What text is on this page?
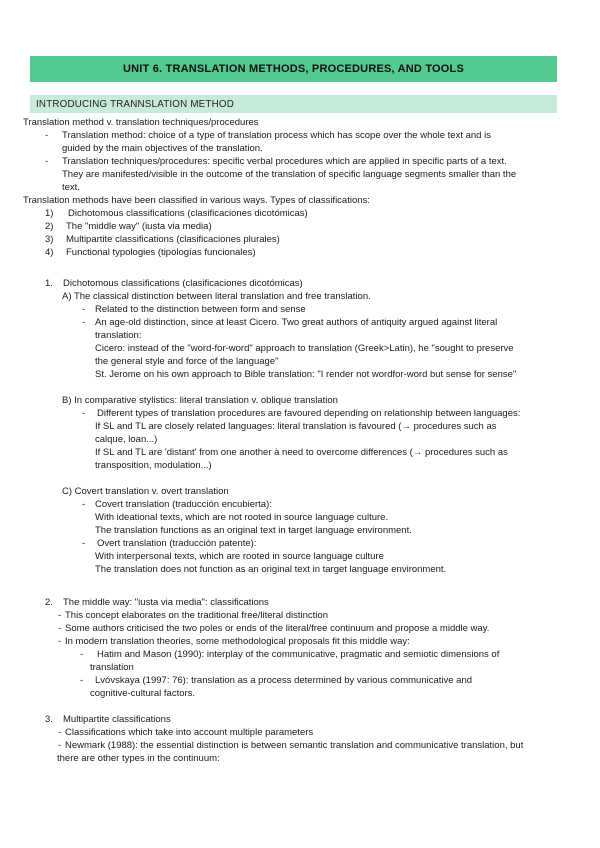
UNIT 6. TRANSLATION METHODS, PROCEDURES, AND TOOLS
INTRODUCING TRANNSLATION METHOD
Translation method v. translation techniques/procedures
- Translation method: choice of a type of translation process which has scope over the whole text and is
guided by the main objectives of the translation.
- Translation techniques/procedures: specific verbal procedures which are applied in specific parts of a text.
They are manifested/visible in the outcome of the translation of specific language segments smaller than the
text.
Translation methods have been classified in various ways. Types of classifications:
1) Dichotomous classifications (clasificaciones dicotómicas)
2) The "middle way" (iusta via media)
3) Multipartite classifications (clasificaciones plurales)
4) Functional typologies (tipologías funcionales)
1. Dichotomous classifications (clasificaciones dicotómicas)
A) The classical distinction between literal translation and free translation.
- Related to the distinction between form and sense
- An age-old distinction, since at least Cicero. Two great authors of antiquity argued against literal
translation:
Cicero: instead of the "word-for-word" approach to translation (Greek>Latin), he "sought to preserve
the general style and force of the language"
St. Jerome on his own approach to Bible translation: "I render not wordfor-word but sense for sense"
B) In comparative stylistics: literal translation v. oblique translation
- Different types of translation procedures are favoured depending on relationship between languages:
If SL and TL are closely related languages: literal translation is favoured (→ procedures such as
calque, loan...)
If SL and TL are 'distant' from one another à need to overcome differences (→ procedures such as
transposition, modulation...)
C) Covert translation v. overt translation
- Covert translation (traducción encubierta):
With ideational texts, which are not rooted in source language culture.
The translation functions as an original text in target language environment.
- Overt translation (traducción patente):
With interpersonal texts, which are rooted in source language culture
The translation does not function as an original text in target language environment.
2. The middle way: "iusta via media": classifications
- This concept elaborates on the traditional free/literal distinction
- Some authors criticised the two poles or ends of the literal/free continuum and propose a middle way.
- In modern translation theories, some methodological proposals fit this middle way:
- Hatim and Mason (1990): interplay of the communicative, pragmatic and semiotic dimensions of
translation
- Lvóvskaya (1997: 76): translation as a process determined by various communicative and
cognitive-cultural factors.
3. Multipartite classifications
- Classifications which take into account multiple parameters
- Newmark (1988): the essential distinction is between semantic translation and communicative translation, but
there are other types in the continuum:
